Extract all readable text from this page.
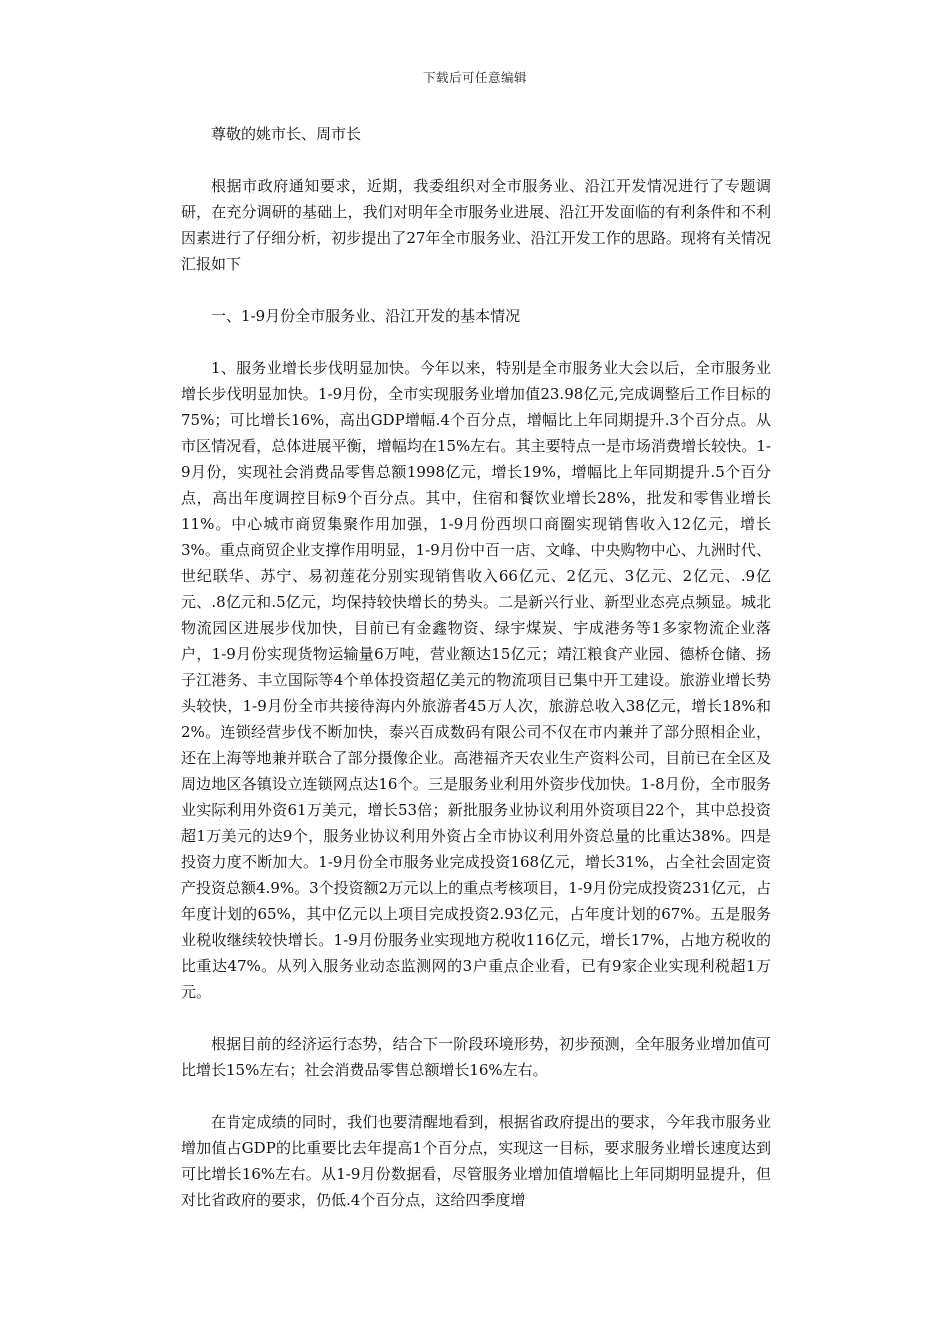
下载后可任意编辑

尊敬的姚市长、周市长

根据市政府通知要求，近期，我委组织对全市服务业、沿江开发情况进行了专题调研，在充分调研的基础上，我们对明年全市服务业进展、沿江开发面临的有利条件和不利因素进行了仔细分析，初步提出了27年全市服务业、沿江开发工作的思路。现将有关情况汇报如下

一、1-9月份全市服务业、沿江开发的基本情况

1、服务业增长步伐明显加快。今年以来，特别是全市服务业大会以后，全市服务业增长步伐明显加快。1-9月份，全市实现服务业增加值23.98亿元,完成调整后工作目标的75%；可比增长16%，高出GDP增幅.4个百分点，增幅比上年同期提升.3个百分点。从市区情况看，总体进展平衡，增幅均在15%左右。其主要特点一是市场消费增长较快。1-9月份，实现社会消费品零售总额1998亿元，增长19%，增幅比上年同期提升.5个百分点，高出年度调控目标9个百分点。其中，住宿和餐饮业增长28%，批发和零售业增长11%。中心城市商贸集聚作用加强，1-9月份西坝口商圈实现销售收入12亿元，增长3%。重点商贸企业支撑作用明显，1-9月份中百一店、文峰、中央购物中心、九洲时代、世纪联华、苏宁、易初莲花分别实现销售收入66亿元、2亿元、3亿元、2亿元、.9亿元、.8亿元和.5亿元，均保持较快增长的势头。二是新兴行业、新型业态亮点频显。城北物流园区进展步伐加快，目前已有金鑫物资、绿宇煤炭、宇成港务等1多家物流企业落户，1-9月份实现货物运输量6万吨，营业额达15亿元；靖江粮食产业园、德桥仓储、扬子江港务、丰立国际等4个单体投资超亿美元的物流项目已集中开工建设。旅游业增长势头较快，1-9月份全市共接待海内外旅游者45万人次，旅游总收入38亿元，增长18%和2%。连锁经营步伐不断加快，泰兴百成数码有限公司不仅在市内兼并了部分照相企业，还在上海等地兼并联合了部分摄像企业。高港福齐天农业生产资料公司，目前已在全区及周边地区各镇设立连锁网点达16个。三是服务业利用外资步伐加快。1-8月份，全市服务业实际利用外资61万美元，增长53倍；新批服务业协议利用外资项目22个，其中总投资超1万美元的达9个，服务业协议利用外资占全市协议利用外资总量的比重达38%。四是投资力度不断加大。1-9月份全市服务业完成投资168亿元，增长31%，占全社会固定资产投资总额4.9%。3个投资额2万元以上的重点考核项目，1-9月份完成投资231亿元，占年度计划的65%，其中亿元以上项目完成投资2.93亿元，占年度计划的67%。五是服务业税收继续较快增长。1-9月份服务业实现地方税收116亿元，增长17%，占地方税收的比重达47%。从列入服务业动态监测网的3户重点企业看，已有9家企业实现利税超1万元。

根据目前的经济运行态势，结合下一阶段环境形势，初步预测，全年服务业增加值可比增长15%左右；社会消费品零售总额增长16%左右。

在肯定成绩的同时，我们也要清醒地看到，根据省政府提出的要求，今年我市服务业增加值占GDP的比重要比去年提高1个百分点，实现这一目标，要求服务业增长速度达到可比增长16%左右。从1-9月份数据看，尽管服务业增加值增幅比上年同期明显提升，但对比省政府的要求，仍低.4个百分点，这给四季度增
